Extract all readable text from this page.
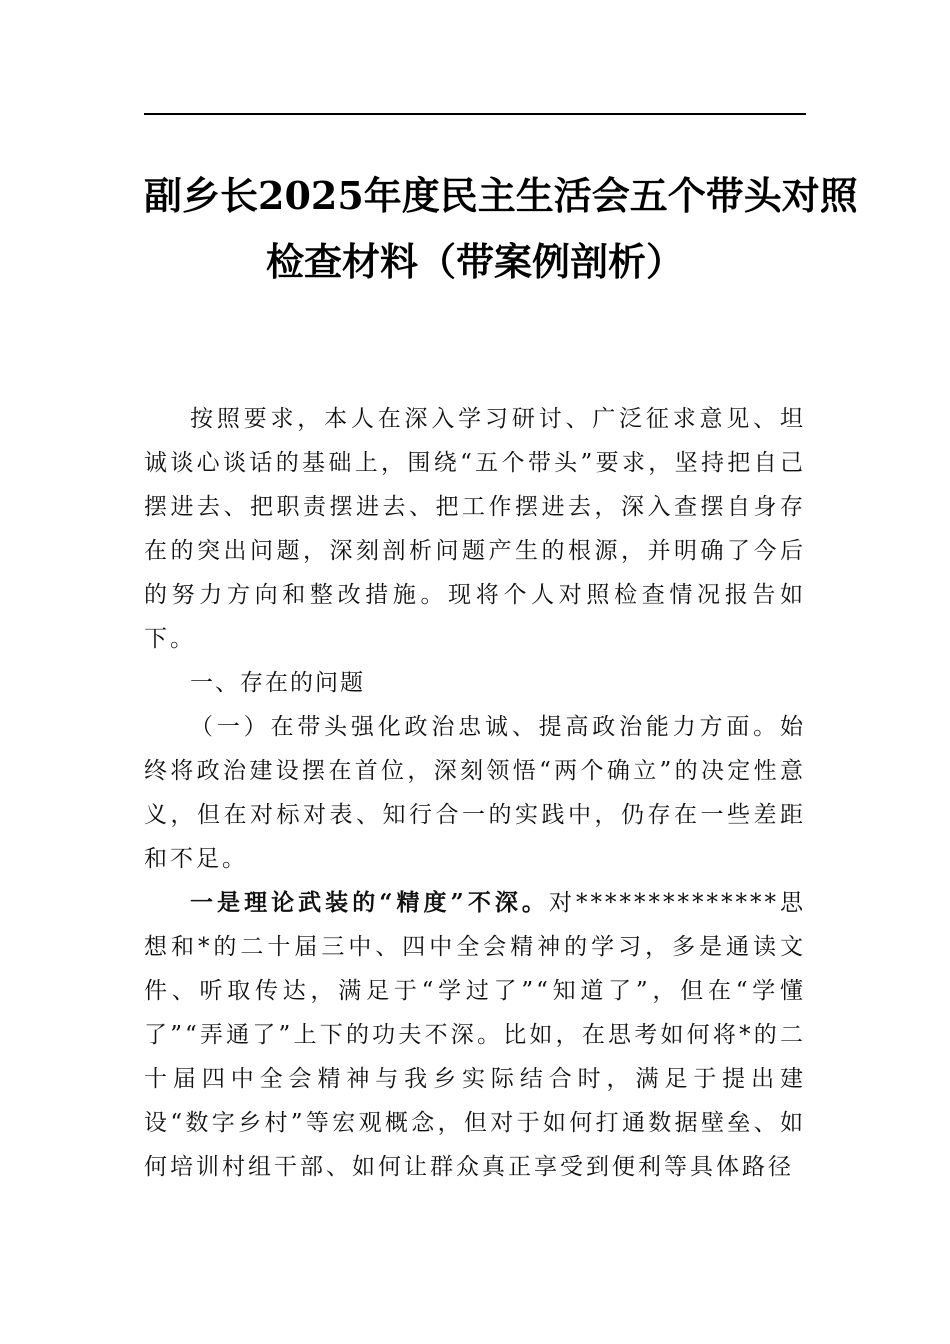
副乡长2025年度民主生活会五个带头对照
检查材料（带案例剖析）

按照要求，本人在深入学习研讨、广泛征求意见、坦诚谈心谈话的基础上，围绕“五个带头”要求，坚持把自己摆进去、把职责摆进去、把工作摆进去，深入查摆自身存在的突出问题，深刻剖析问题产生的根源，并明确了今后的努力方向和整改措施。现将个人对照检查情况报告如下。

一、存在的问题

（一）在带头强化政治忠诚、提高政治能力方面。始终将政治建设摆在首位，深刻领悟“两个确立”的决定性意义，但在对标对表、知行合一的实践中，仍存在一些差距和不足。

一是理论武装的“精度”不深。对**************思想和*的二十届三中、四中全会精神的学习，多是通读文件、听取传达，满足于“学过了”“知道了”，但在“学懂了”“弄通了”上下的功夫不深。比如，在思考如何将*的二十届四中全会精神与我乡实际结合时，满足于提出建设“数字乡村”等宏观概念，但对于如何打通数据壁垒、如何培训村组干部、如何让群众真正享受到便利等具体路径
